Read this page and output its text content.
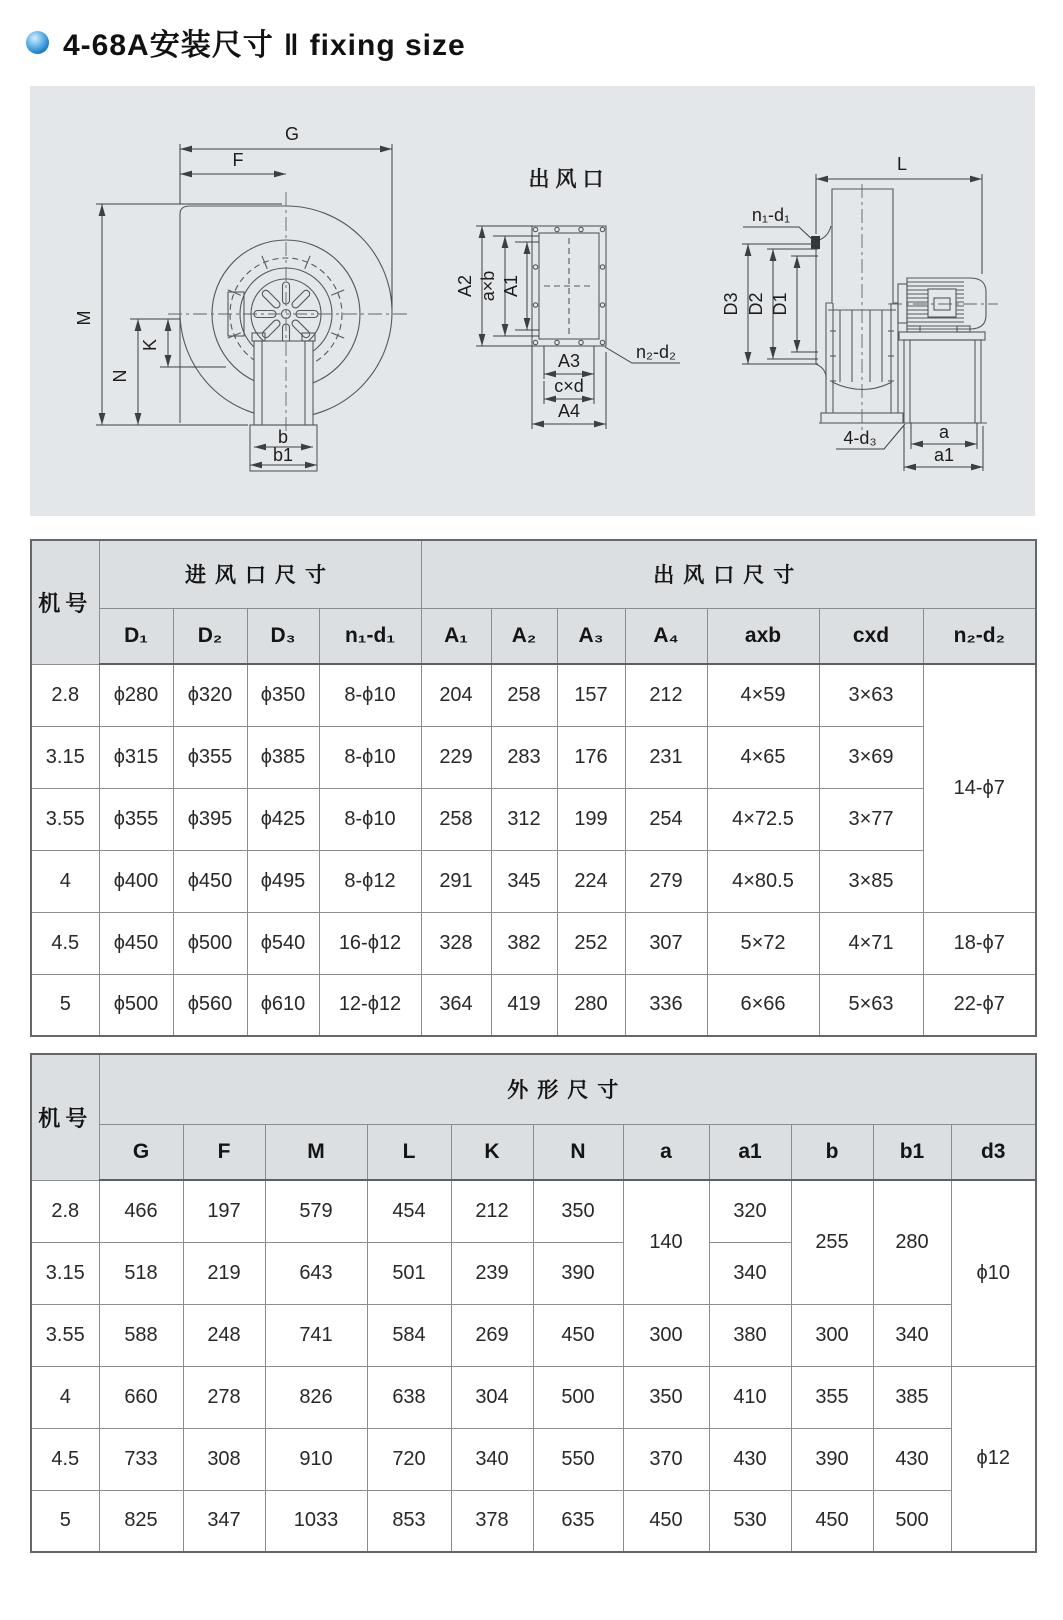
4-68A安装尺寸 ‖ fixing size
G
F
M
N
K
b
b1
出风口
A2 a×b A1
A3
c×d
A4
n₂-d₂
L
n₁-d₁
D3 D2 D1
a
a1
4-d₃
机号	进风口尺寸				出风口尺寸						
	D₁	D₂	D₃	n₁-d₁	A₁	A₂	A₃	A₄	axb	cxd	n₂-d₂
2.8	ϕ280	ϕ320	ϕ350	8-ϕ10	204	258	157	212	4×59	3×63	14-ϕ7
3.15	ϕ315	ϕ355	ϕ385	8-ϕ10	229	283	176	231	4×65	3×69	
3.55	ϕ355	ϕ395	ϕ425	8-ϕ10	258	312	199	254	4×72.5	3×77	
4	ϕ400	ϕ450	ϕ495	8-ϕ12	291	345	224	279	4×80.5	3×85	
4.5	ϕ450	ϕ500	ϕ540	16-ϕ12	328	382	252	307	5×72	4×71	18-ϕ7
5	ϕ500	ϕ560	ϕ610	12-ϕ12	364	419	280	336	6×66	5×63	22-ϕ7
机号	外形尺寸										
	G	F	M	L	K	N	a	a1	b	b1	d3
2.8	466	197	579	454	212	350	140	320	255	280	ϕ10
3.15	518	219	643	501	239	390		340			
3.55	588	248	741	584	269	450	300	380	300	340	
4	660	278	826	638	304	500	350	410	355	385	ϕ12
4.5	733	308	910	720	340	550	370	430	390	430	
5	825	347	1033	853	378	635	450	530	450	500	
